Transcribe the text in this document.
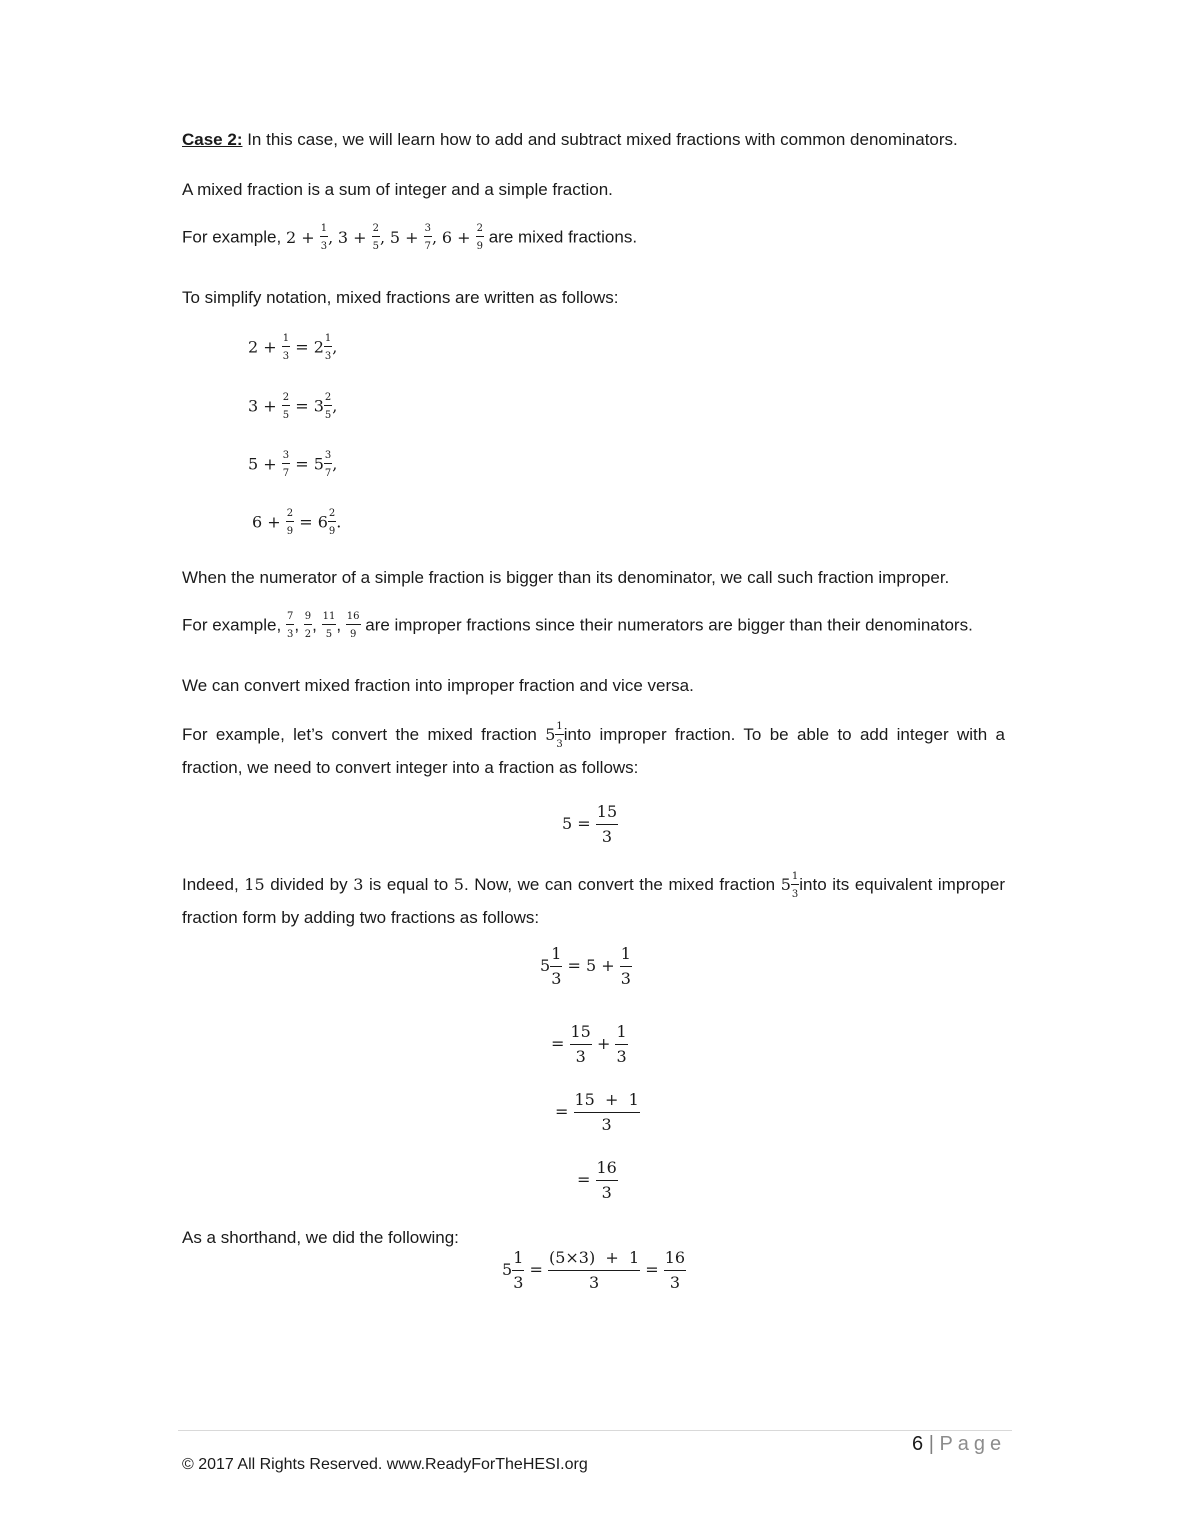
Case 2: In this case, we will learn how to add and subtract mixed fractions with common denominators.
A mixed fraction is a sum of integer and a simple fraction.
For example, $2 + \frac{1}{3}$ , $3 + \frac{2}{5}$ , $5 + \frac{3}{7}$ , $6 + \frac{2}{9}$ are mixed fractions.
To simplify notation, mixed fractions are written as follows:
$2 + \frac{1}{3} = 2 \frac{1}{3}$ ,
$3 + \frac{2}{5} = 3 \frac{2}{5}$ ,
$5 + \frac{3}{7} = 5 \frac{3}{7}$ ,
$6 + \frac{2}{9} = 6 \frac{2}{9}$ .
When the numerator of a simple fraction is bigger than its denominator, we call such fraction improper.
For example, $\frac{7}{3}$ , $\frac{9}{2}$ , $\frac{11}{5}$ , $\frac{16}{9}$ are improper fractions since their numerators are bigger than their denominators.
We can convert mixed fraction into improper fraction and vice versa.
For example, let’s convert the mixed fraction $5 \frac{1}{3}$ into improper fraction. To be able to add integer with a fraction, we need to convert integer into a fraction as follows:
$5 = \frac{15}{3}$
Indeed, 15 divided by 3 is equal to 5. Now, we can convert the mixed fraction $5 \frac{1}{3}$ into its equivalent improper fraction form by adding two fractions as follows:
$5 \frac{1}{3} = 5 + \frac{1}{3}$
= $\frac{15}{3} + \frac{1}{3}$
= $\frac{15 + 1}{3}$
= $\frac{16}{3}$
As a shorthand, we did the following:
$5 \frac{1}{3} = \frac{(5\times 3) + 1}{3} = \frac{16}{3}$
6 | Page
© 2017 All Rights Reserved. www.ReadyForTheHESI.org
